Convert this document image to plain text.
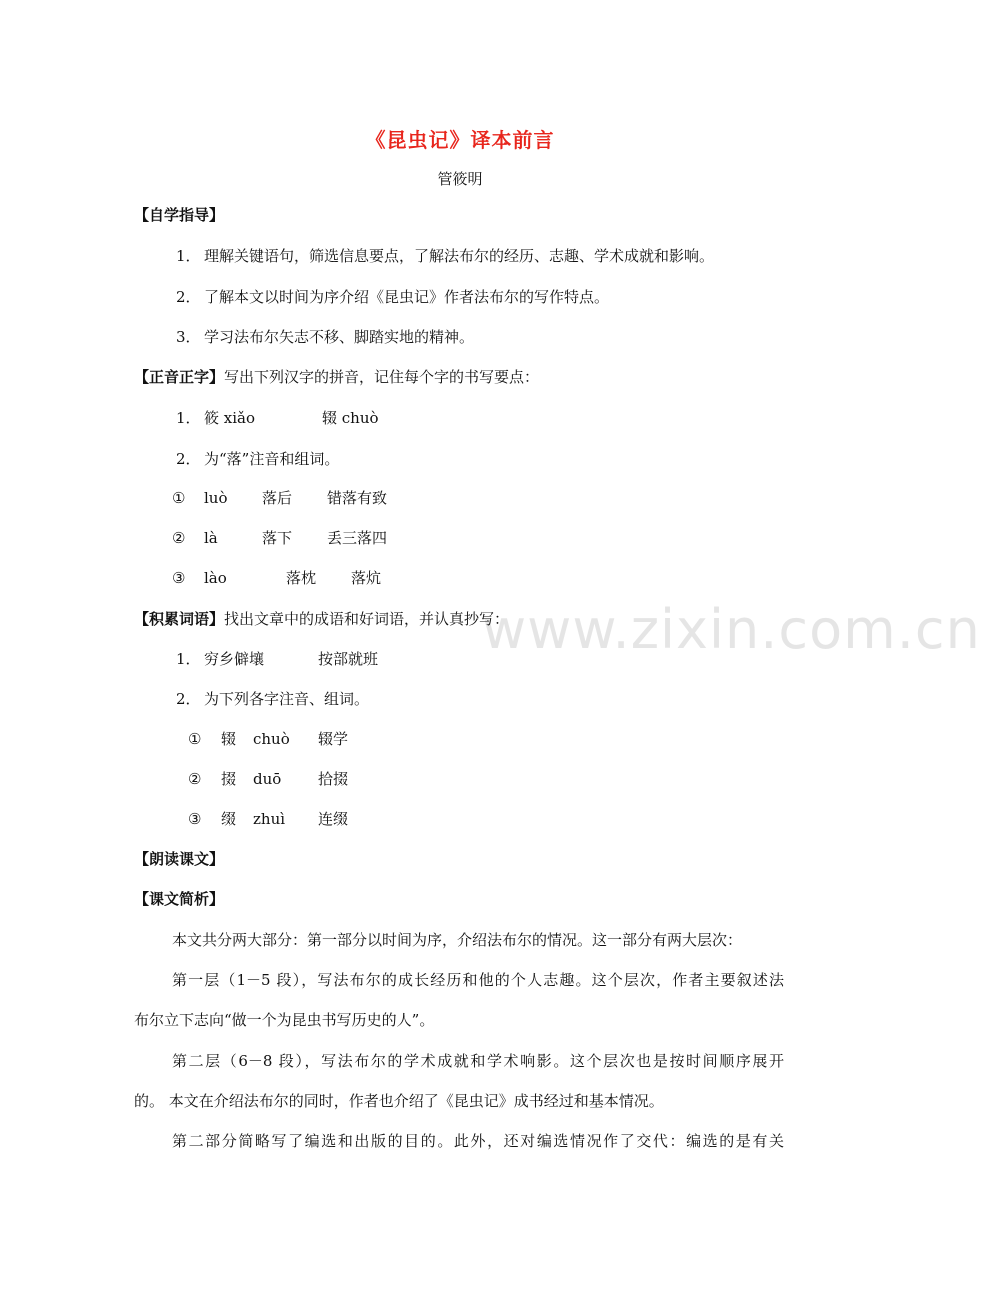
《昆虫记》译本前言
管筱明
www.zixin.com.cn
【自学指导】
1． 理解关键语句，筛选信息要点，了解法布尔的经历、志趣、学术成就和影响。
2． 了解本文以时间为序介绍《昆虫记》作者法布尔的写作特点。
3． 学习法布尔矢志不移、脚踏实地的精神。
【正音正字】写出下列汉字的拼音，记住每个字的书写要点：
1． 筱 xiǎo	辍 chuò
2． 为“落”注音和组词。
① luò 落后 错落有致
② là	落下 丢三落四
③ lào	落枕 落炕
【积累词语】找出文章中的成语和好词语，并认真抄写：
1． 穷乡僻壤	按部就班
2． 为下列各字注音、组词。
① 辍 chuò 辍学
② 掇 duō 拾掇
③ 缀 zhuì 连缀
【朗读课文】
【课文简析】
本文共分两大部分：第一部分以时间为序，介绍法布尔的情况。这一部分有两大层次：
第一层（1－5 段），写法布尔的成长经历和他的个人志趣。这个层次，作者主要叙述法
布尔立下志向“做一个为昆虫书写历史的人”。
第二层（6－8 段），写法布尔的学术成就和学术响影。这个层次也是按时间顺序展开
的。 本文在介绍法布尔的同时，作者也介绍了《昆虫记》成书经过和基本情况。
第二部分简略写了编选和出版的目的。此外，还对编选情况作了交代：编选的是有关
